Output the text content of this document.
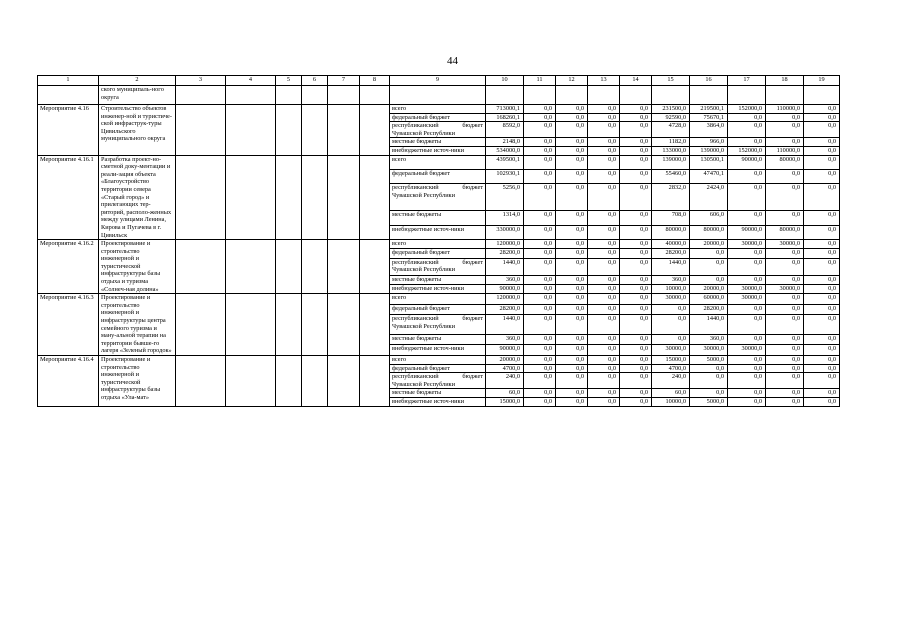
44
1	2	3	4	5	6	7	8	9	10	11	12	13	14	15	16	17	18	19
	ского муниципаль-ного округа																	
Мероприятие 4.16	Строительство объектов инженер-ной и туристиче-ской инфраструк-туры Цивильского муниципального округа							всего	713000,1	0,0	0,0	0,0	0,0	231500,0	219500,1	152000,0	110000,0	0,0
								федеральный бюджет	168260,1	0,0	0,0	0,0	0,0	92590,0	75670,1	0,0	0,0	0,0
								республиканский бюджет Чувашской Республики	8592,0	0,0	0,0	0,0	0,0	4728,0	3864,0	0,0	0,0	0,0
								местные бюджеты	2148,0	0,0	0,0	0,0	0,0	1182,0	966,0	0,0	0,0	0,0
								внебюджетные источ-ники	534000,0	0,0	0,0	0,0	0,0	133000,0	139000,0	152000,0	110000,0	0,0
Мероприятие 4.16.1	Разработка проект-но-сметной доку-ментации и реали-зация объекта «Благоустройство территории севера «Старый город» и прилегающих тер-риторий, располо-женных между улицами Ленина, Кирова и Пугачева в г. Цивильск							всего	439500,1	0,0	0,0	0,0	0,0	139000,0	130500,1	90000,0	80000,0	0,0
								федеральный бюджет	102930,1	0,0	0,0	0,0	0,0	55460,0	47470,1	0,0	0,0	0,0
								республиканский бюджет Чувашской Республики	5256,0	0,0	0,0	0,0	0,0	2832,0	2424,0	0,0	0,0	0,0
								местные бюджеты	1314,0	0,0	0,0	0,0	0,0	708,0	606,0	0,0	0,0	0,0
								внебюджетные источ-ники	330000,0	0,0	0,0	0,0	0,0	80000,0	80000,0	90000,0	80000,0	0,0
Мероприятие 4.16.2	Проектирование и строительство инженерной и туристической инфраструктуры базы отдыха и туризма «Солнеч-ная долина»							всего	120000,0	0,0	0,0	0,0	0,0	40000,0	20000,0	30000,0	30000,0	0,0
								федеральный бюджет	28200,0	0,0	0,0	0,0	0,0	28200,0	0,0	0,0	0,0	0,0
								республиканский бюджет Чувашской Республики	1440,0	0,0	0,0	0,0	0,0	1440,0	0,0	0,0	0,0	0,0
								местные бюджеты	360,0	0,0	0,0	0,0	0,0	360,0	0,0	0,0	0,0	0,0
								внебюджетные источ-ники	90000,0	0,0	0,0	0,0	0,0	10000,0	20000,0	30000,0	30000,0	0,0
Мероприятие 4.16.3	Проектирование и строительство инженерной и инфраструктуры центра семейного туризма и ману-альной терапии на территории бывше-го лагеря «Зеленый городок»							всего	120000,0	0,0	0,0	0,0	0,0	30000,0	60000,0	30000,0	0,0	0,0
								федеральный бюджет	28200,0	0,0	0,0	0,0	0,0	0,0	28200,0	0,0	0,0	0,0
								республиканский бюджет Чувашской Республики	1440,0	0,0	0,0	0,0	0,0	0,0	1440,0	0,0	0,0	0,0
								местные бюджеты	360,0	0,0	0,0	0,0	0,0	0,0	360,0	0,0	0,0	0,0
								внебюджетные источ-ники	90000,0	0,0	0,0	0,0	0,0	30000,0	30000,0	30000,0	0,0	0,0
Мероприятие 4.16.4	Проектирование и строительство инженерной и туристической инфраструктуры базы отдыха «Ула-мат»							всего	20000,0	0,0	0,0	0,0	0,0	15000,0	5000,0	0,0	0,0	0,0
								федеральный бюджет	4700,0	0,0	0,0	0,0	0,0	4700,0	0,0	0,0	0,0	0,0
								республиканский бюджет Чувашской Республики	240,0	0,0	0,0	0,0	0,0	240,0	0,0	0,0	0,0	0,0
								местные бюджеты	60,0	0,0	0,0	0,0	0,0	60,0	0,0	0,0	0,0	0,0
								внебюджетные источ-ники	15000,0	0,0	0,0	0,0	0,0	10000,0	5000,0	0,0	0,0	0,0
